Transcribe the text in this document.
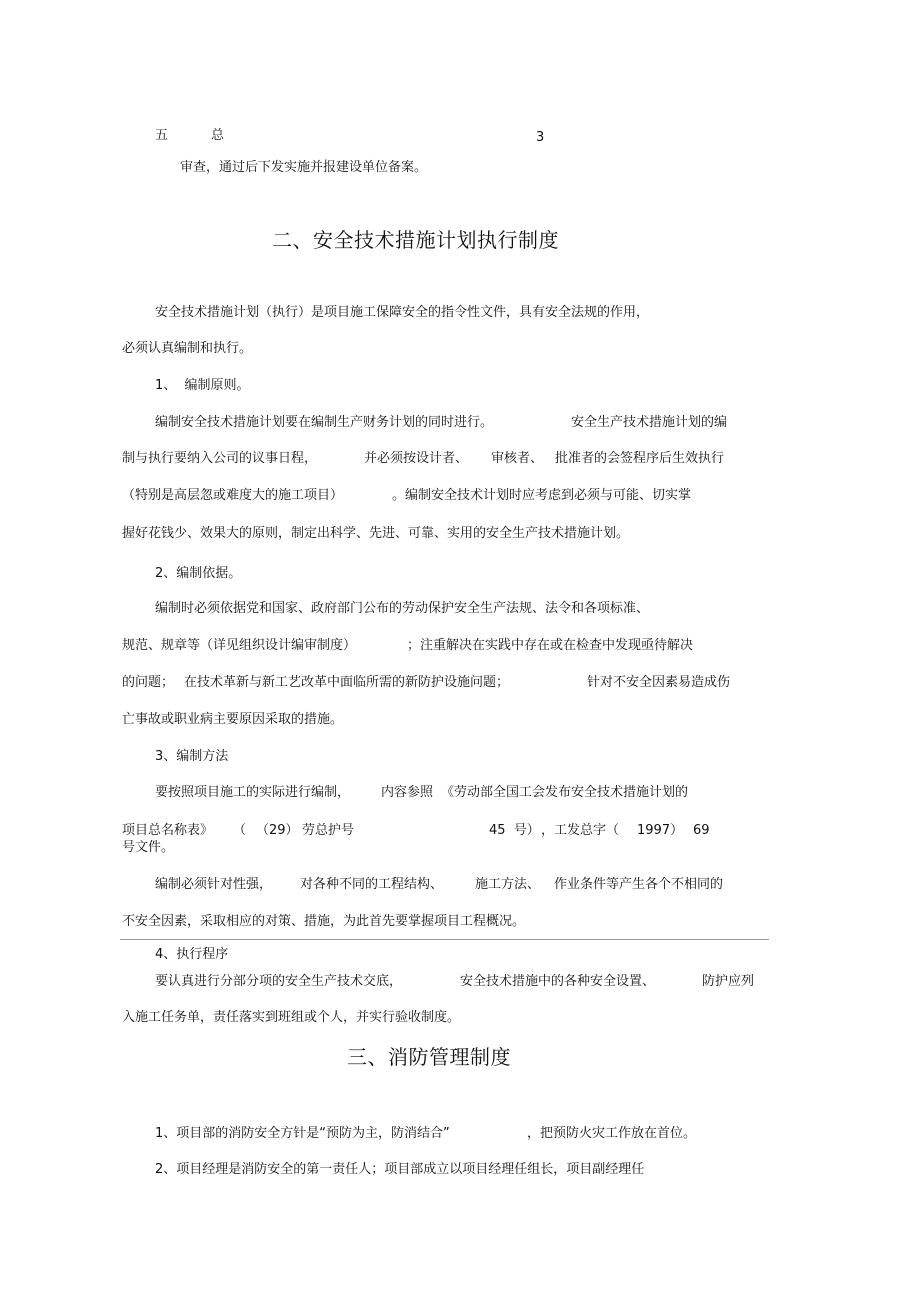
五	总	3
审查，通过后下发实施并报建设单位备案。
二、安全技术措施计划执行制度
安全技术措施计划（执行）是项目施工保障安全的指令性文件，具有安全法规的作用，
必须认真编制和执行。
1、  编制原则。
编制安全技术措施计划要在编制生产财务计划的同时进行。	安全生产技术措施计划的编
制与执行要纳入公司的议事日程，	并必须按设计者、 审核者、 批准者的会签程序后生效执行
（特别是高层忽或难度大的施工项目）	。编制安全技术计划时应考虑到必须与可能、切实掌
握好花钱少、效果大的原则，制定出科学、先进、可靠、实用的安全生产技术措施计划。
2、编制依据。
编制时必须依据党和国家、政府部门公布的劳动保护安全生产法规、法令和各项标准、
规范、规章等（详见组织设计编审制度）	；注重解决在实践中存在或在检查中发现亟待解决
的问题； 在技术革新与新工艺改革中面临所需的新防护设施问题；	针对不安全因素易造成伤
亡事故或职业病主要原因采取的措施。
3、编制方法
要按照项目施工的实际进行编制， 内容参照 《劳动部全国工会发布安全技术措施计划的
项目总名称表》 （ （29） 劳总护号	45  号） ，工发总字（ 1997） 69
号文件。
编制必须针对性强， 对各种不同的工程结构、 施工方法、 作业条件等产生各个不相同的
不安全因素，采取相应的对策、措施，为此首先要掌握项目工程概况。
4、执行程序
要认真进行分部分项的安全生产技术交底，	安全技术措施中的各种安全设置、	防护应列
入施工任务单，责任落实到班组或个人，并实行验收制度。
三、消防管理制度
1、项目部的消防安全方针是“预防为主，防消结合”	，把预防火灾工作放在首位。
2、项目经理是消防安全的第一责任人；项目部成立以项目经理任组长，项目副经理任
